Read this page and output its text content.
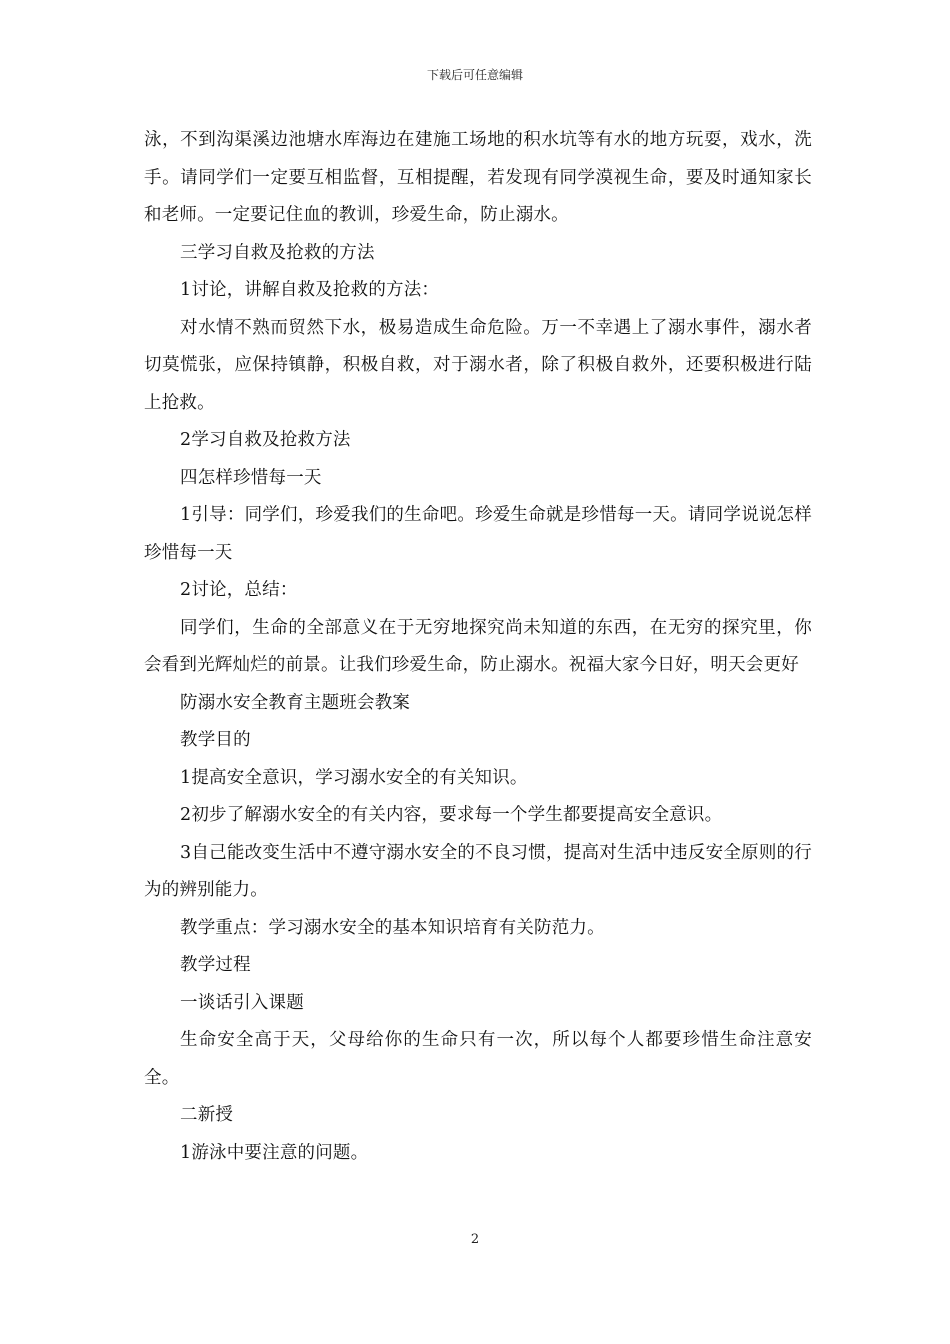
下载后可任意编辑

泳，不到沟渠溪边池塘水库海边在建施工场地的积水坑等有水的地方玩耍，戏水，洗手。请同学们一定要互相监督，互相提醒，若发现有同学漠视生命，要及时通知家长和老师。一定要记住血的教训，珍爱生命，防止溺水。

三学习自救及抢救的方法

1讨论，讲解自救及抢救的方法：

对水情不熟而贸然下水，极易造成生命危险。万一不幸遇上了溺水事件，溺水者切莫慌张，应保持镇静，积极自救，对于溺水者，除了积极自救外，还要积极进行陆上抢救。

2学习自救及抢救方法

四怎样珍惜每一天

1引导：同学们，珍爱我们的生命吧。珍爱生命就是珍惜每一天。请同学说说怎样珍惜每一天

2讨论，总结：

同学们，生命的全部意义在于无穷地探究尚未知道的东西，在无穷的探究里，你会看到光辉灿烂的前景。让我们珍爱生命，防止溺水。祝福大家今日好，明天会更好

防溺水安全教育主题班会教案

教学目的

1提高安全意识，学习溺水安全的有关知识。

2初步了解溺水安全的有关内容，要求每一个学生都要提高安全意识。

3自己能改变生活中不遵守溺水安全的不良习惯，提高对生活中违反安全原则的行为的辨别能力。

教学重点：学习溺水安全的基本知识培育有关防范力。

教学过程

一谈话引入课题

生命安全高于天，父母给你的生命只有一次，所以每个人都要珍惜生命注意安全。

二新授

1游泳中要注意的问题。

2
